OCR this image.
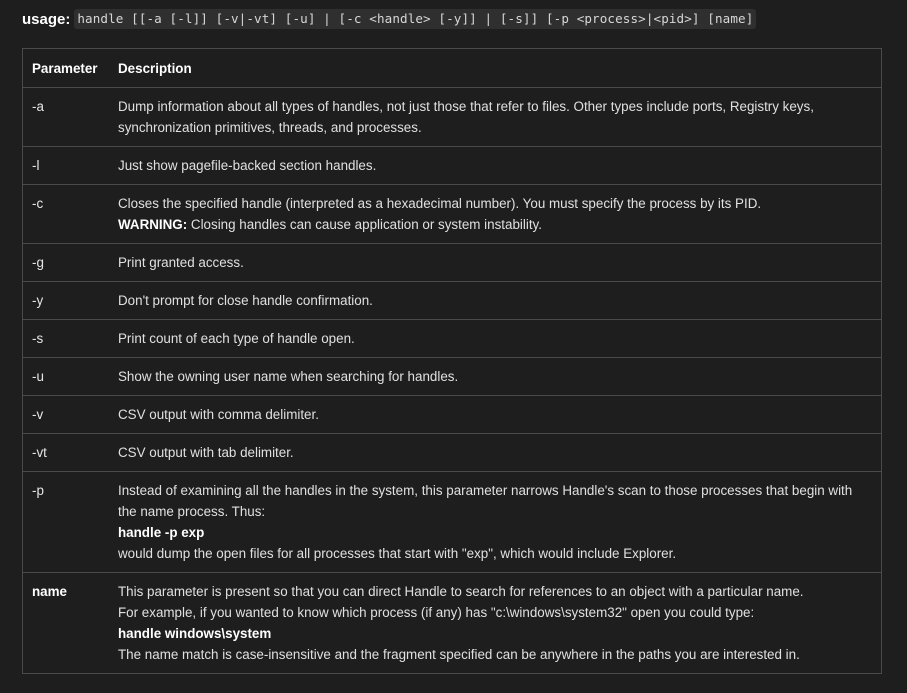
usage: handle [[-a [-l]] [-v|-vt] [-u] | [-c <handle> [-y]] | [-s]] [-p <process>|<pid>] [name]
Parameter	Description
-a	Dump information about all types of handles, not just those that refer to files. Other types include ports, Registry keys, synchronization primitives, threads, and processes.
-l	Just show pagefile-backed section handles.
-c	Closes the specified handle (interpreted as a hexadecimal number). You must specify the process by its PID.
WARNING: Closing handles can cause application or system instability.

-g	Print granted access.
-y	Don't prompt for close handle confirmation.
-s	Print count of each type of handle open.
-u	Show the owning user name when searching for handles.
-v	CSV output with comma delimiter.
-vt	CSV output with tab delimiter.
-p	Instead of examining all the handles in the system, this parameter narrows Handle's scan to those processes that begin with the name process. Thus:
handle -p exp
would dump the open files for all processes that start with "exp", which would include Explorer.

name	This parameter is present so that you can direct Handle to search for references to an object with a particular name.
For example, if you wanted to know which process (if any) has "c:\windows\system32" open you could type:
handle windows\system
The name match is case-insensitive and the fragment specified can be anywhere in the paths you are interested in.
